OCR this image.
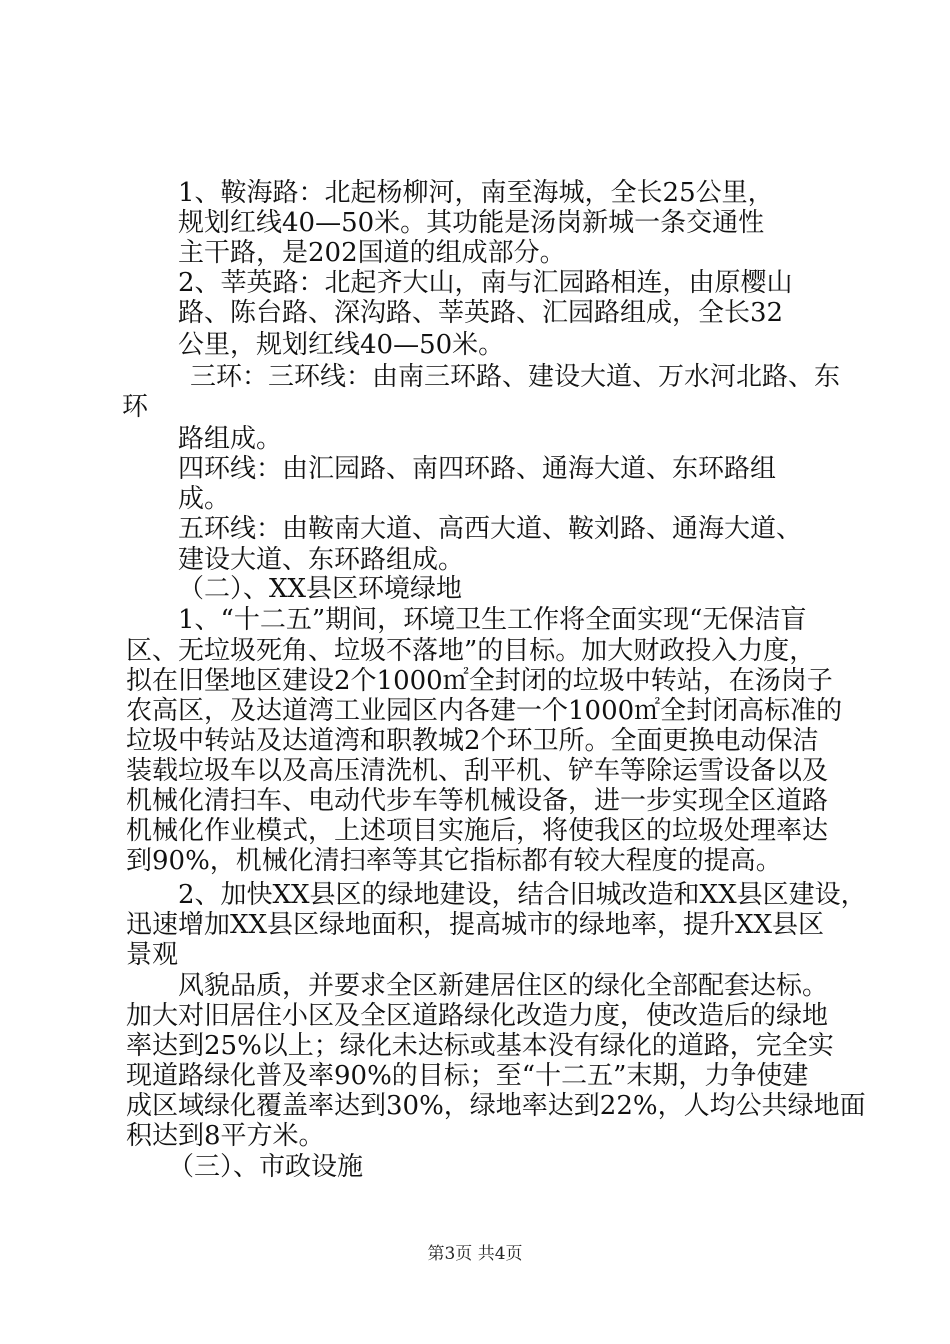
1、鞍海路：北起杨柳河，南至海城，全长25公里，
规划红线40—50米。其功能是汤岗新城一条交通性
主干路，是202国道的组成部分。
2、莘英路：北起齐大山，南与汇园路相连，由原樱山
路、陈台路、深沟路、莘英路、汇园路组成，全长32
公里，规划红线40—50米。
三环：三环线：由南三环路、建设大道、万水河北路、东
环
路组成。
四环线：由汇园路、南四环路、通海大道、东环路组
成。
五环线：由鞍南大道、高西大道、鞍刘路、通海大道、
建设大道、东环路组成。
（二）、XX县区环境绿地
1、“十二五”期间，环境卫生工作将全面实现“无保洁盲
区、无垃圾死角、垃圾不落地”的目标。加大财政投入力度，
拟在旧堡地区建设2个1000㎡全封闭的垃圾中转站，在汤岗子
农高区，及达道湾工业园区内各建一个1000㎡全封闭高标准的
垃圾中转站及达道湾和职教城2个环卫所。全面更换电动保洁
装载垃圾车以及高压清洗机、刮平机、铲车等除运雪设备以及
机械化清扫车、电动代步车等机械设备，进一步实现全区道路
机械化作业模式，上述项目实施后，将使我区的垃圾处理率达
到90%，机械化清扫率等其它指标都有较大程度的提高。
2、加快XX县区的绿地建设，结合旧城改造和XX县区建设，
迅速增加XX县区绿地面积，提高城市的绿地率，提升XX县区
景观
风貌品质，并要求全区新建居住区的绿化全部配套达标。
加大对旧居住小区及全区道路绿化改造力度，使改造后的绿地
率达到25%以上；绿化未达标或基本没有绿化的道路，完全实
现道路绿化普及率90%的目标；至“十二五”末期，力争使建
成区域绿化覆盖率达到30%，绿地率达到22%，人均公共绿地面
积达到8平方米。
（三）、市政设施
第3页 共4页
